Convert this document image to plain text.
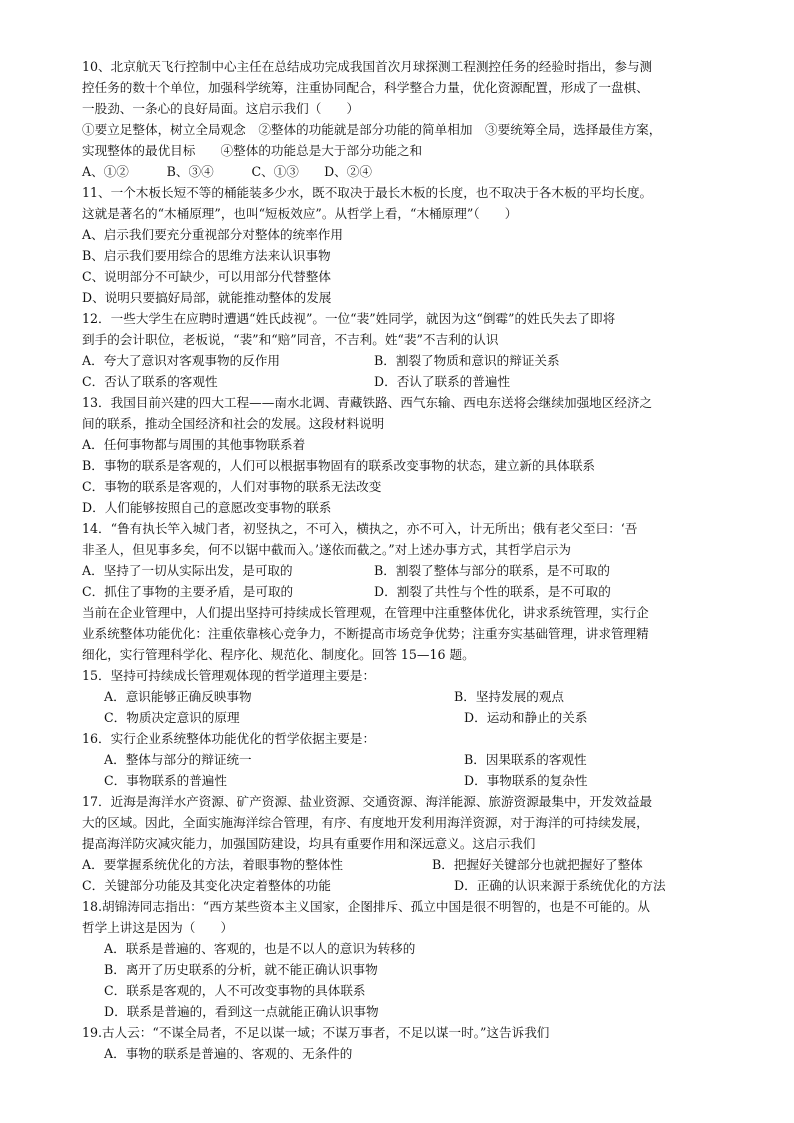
10、北京航天飞行控制中心主任在总结成功完成我国首次月球探测工程测控任务的经验时指出，参与测
控任务的数十个单位，加强科学统筹，注重协同配合，科学整合力量，优化资源配置，形成了一盘棋、
一股劲、一条心的良好局面。这启示我们（　　）
①要立足整体，树立全局观念　②整体的功能就是部分功能的简单相加　③要统筹全局，选择最佳方案，
实现整体的最优目标　　④整体的功能总是大于部分功能之和
A、①②　　　B、③④　　　C、①③　　D、②④
11、一个木板长短不等的桶能装多少水，既不取决于最长木板的长度，也不取决于各木板的平均长度。
这就是著名的“木桶原理”，也叫“短板效应”。从哲学上看，“木桶原理”（　　）
A、启示我们要充分重视部分对整体的统率作用
B、启示我们要用综合的思维方法来认识事物
C、说明部分不可缺少，可以用部分代替整体
D、说明只要搞好局部，就能推动整体的发展
12．一些大学生在应聘时遭遇“姓氏歧视”。一位“裴”姓同学，就因为这“倒霉”的姓氏失去了即将
到手的会计职位，老板说，“裴”和“赔”同音，不吉利。姓“裴”不吉利的认识
A．夸大了意识对客观事物的反作用	B．割裂了物质和意识的辩证关系
C．否认了联系的客观性	D．否认了联系的普遍性
13．我国目前兴建的四大工程——南水北调、青藏铁路、西气东输、西电东送将会继续加强地区经济之
间的联系，推动全国经济和社会的发展。这段材料说明
A．任何事物都与周围的其他事物联系着
B．事物的联系是客观的，人们可以根据事物固有的联系改变事物的状态，建立新的具体联系
C．事物的联系是客观的，人们对事物的联系无法改变
D．人们能够按照自己的意愿改变事物的联系
14．“鲁有执长竿入城门者，初竖执之，不可入，横执之，亦不可入，计无所出；俄有老父至曰：‘吾
非圣人，但见事多矣，何不以锯中截而入。’遂依而截之。”对上述办事方式，其哲学启示为
A．坚持了一切从实际出发，是可取的	B．割裂了整体与部分的联系，是不可取的
C．抓住了事物的主要矛盾，是可取的	D．割裂了共性与个性的联系，是不可取的
当前在企业管理中，人们提出坚持可持续成长管理观，在管理中注重整体优化，讲求系统管理，实行企
业系统整体功能优化：注重依靠核心竞争力，不断提高市场竞争优势；注重夯实基础管理，讲求管理精
细化，实行管理科学化、程序化、规范化、制度化。回答 15—16 题。
15．坚持可持续成长管理观体现的哲学道理主要是：
A．意识能够正确反映事物	B．坚持发展的观点
C．物质决定意识的原理	D．运动和静止的关系
16．实行企业系统整体功能优化的哲学依据主要是：
A．整体与部分的辩证统一	B．因果联系的客观性
C．事物联系的普遍性	D．事物联系的复杂性
17．近海是海洋水产资源、矿产资源、盐业资源、交通资源、海洋能源、旅游资源最集中，开发效益最
大的区域。因此，全面实施海洋综合管理，有序、有度地开发利用海洋资源，对于海洋的可持续发展，
提高海洋防灾减灾能力，加强国防建设，均具有重要作用和深远意义。这启示我们
A．要掌握系统优化的方法，着眼事物的整体性	B．把握好关键部分也就把握好了整体
C．关键部分功能及其变化决定着整体的功能	D．正确的认识来源于系统优化的方法
18.胡锦涛同志指出：“西方某些资本主义国家，企图排斥、孤立中国是很不明智的，也是不可能的。从
哲学上讲这是因为（　　）
A．联系是普遍的、客观的，也是不以人的意识为转移的
B．离开了历史联系的分析，就不能正确认识事物
C．联系是客观的，人不可改变事物的具体联系
D．联系是普遍的，看到这一点就能正确认识事物
19.古人云：“不谋全局者，不足以谋一域；不谋万事者，不足以谋一时。”这告诉我们
A．事物的联系是普遍的、客观的、无条件的
